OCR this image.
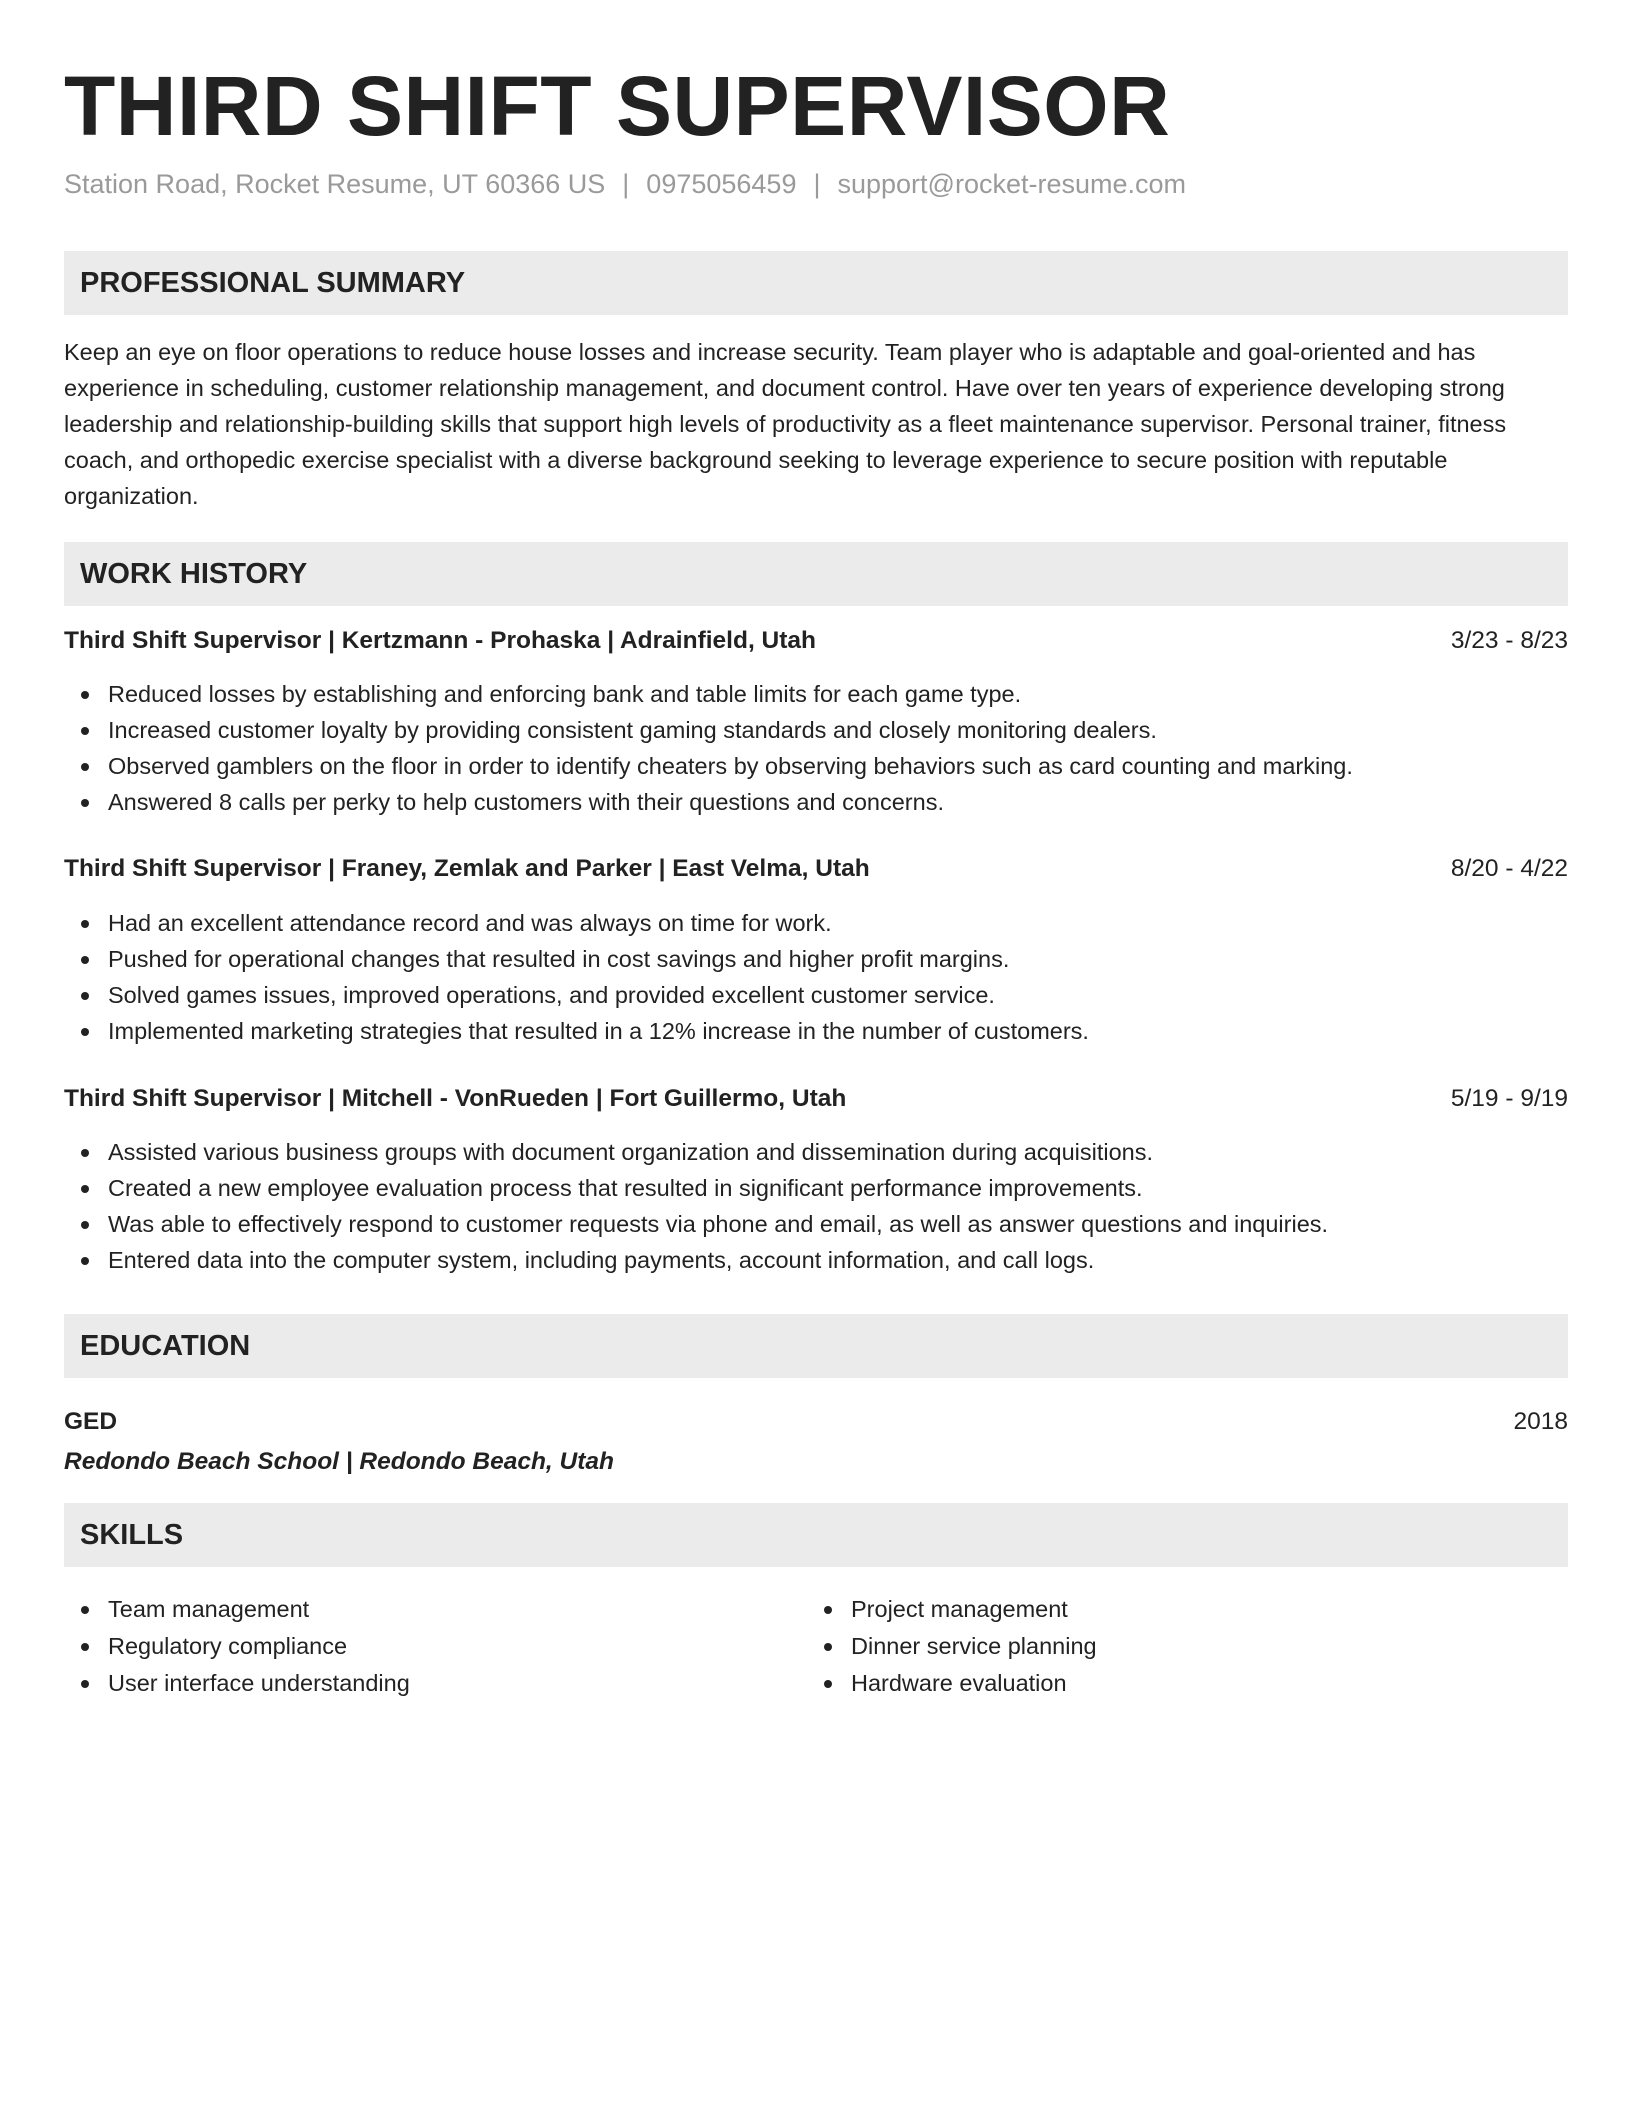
THIRD SHIFT SUPERVISOR
Station Road, Rocket Resume, UT 60366 US | 0975056459 | support@rocket-resume.com
PROFESSIONAL SUMMARY

Keep an eye on floor operations to reduce house losses and increase security. Team player who is adaptable and goal-oriented and has experience in scheduling, customer relationship management, and document control. Have over ten years of experience developing strong leadership and relationship-building skills that support high levels of productivity as a fleet maintenance supervisor. Personal trainer, fitness coach, and orthopedic exercise specialist with a diverse background seeking to leverage experience to secure position with reputable organization.

WORK HISTORY
Third Shift Supervisor | Kertzmann - Prohaska | Adrainfield, Utah	3/23 - 8/23
Reduced losses by establishing and enforcing bank and table limits for each game type.
Increased customer loyalty by providing consistent gaming standards and closely monitoring dealers.
Observed gamblers on the floor in order to identify cheaters by observing behaviors such as card counting and marking.
Answered 8 calls per perky to help customers with their questions and concerns.
Third Shift Supervisor | Franey, Zemlak and Parker | East Velma, Utah	8/20 - 4/22
Had an excellent attendance record and was always on time for work.
Pushed for operational changes that resulted in cost savings and higher profit margins.
Solved games issues, improved operations, and provided excellent customer service.
Implemented marketing strategies that resulted in a 12% increase in the number of customers.
Third Shift Supervisor | Mitchell - VonRueden | Fort Guillermo, Utah	5/19 - 9/19
Assisted various business groups with document organization and dissemination during acquisitions.
Created a new employee evaluation process that resulted in significant performance improvements.
Was able to effectively respond to customer requests via phone and email, as well as answer questions and inquiries.
Entered data into the computer system, including payments, account information, and call logs.
EDUCATION
GED	2018
Redondo Beach School | Redondo Beach, Utah
SKILLS
Team management
Regulatory compliance
User interface understanding
Project management
Dinner service planning
Hardware evaluation
